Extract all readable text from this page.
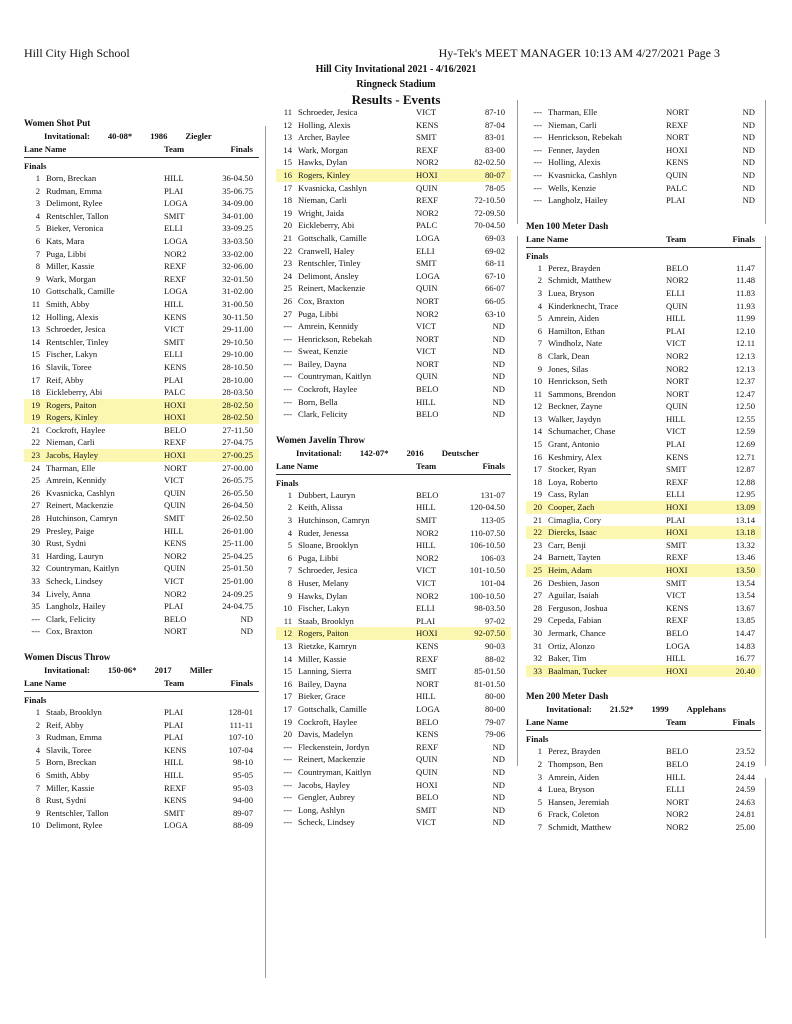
Hill City High School	Hy-Tek's MEET MANAGER 10:13 AM 4/27/2021 Page 3
Hill City Invitational 2021 - 4/16/2021
Ringneck Stadium
Results - Events
Women Shot Put
Invitational: 40-08* 1986 Ziegler
Lane Name	Team	Finals
Finals
1 Born, Breckan	HILL	36-04.50
2 Rudman, Emma	PLAI	35-06.75
3 Delimont, Rylee	LOGA	34-09.00
4 Rentschler, Tallon	SMIT	34-01.00
5 Bieker, Veronica	ELLI	33-09.25
6 Kats, Mara	LOGA	33-03.50
7 Puga, Libbi	NOR2	33-02.00
8 Miller, Kassie	REXF	32-06.00
9 Wark, Morgan	REXF	32-01.50
10 Gottschalk, Camille	LOGA	31-02.00
11 Smith, Abby	HILL	31-00.50
12 Holling, Alexis	KENS	30-11.50
13 Schroeder, Jesica	VICT	29-11.00
14 Rentschler, Tinley	SMIT	29-10.50
15 Fischer, Lakyn	ELLI	29-10.00
16 Slavik, Toree	KENS	28-10.50
17 Reif, Abby	PLAI	28-10.00
18 Eickleberry, Abi	PALC	28-03.50
19 Rogers, Paiton	HOXI	28-02.50
19 Rogers, Kinley	HOXI	28-02.50
21 Cockroft, Haylee	BELO	27-11.50
22 Nieman, Carli	REXF	27-04.75
23 Jacobs, Hayley	HOXI	27-00.25
24 Tharman, Elle	NORT	27-00.00
25 Amrein, Kennidy	VICT	26-05.75
26 Kvasnicka, Cashlyn	QUIN	26-05.50
27 Reinert, Mackenzie	QUIN	26-04.50
28 Hutchinson, Camryn	SMIT	26-02.50
29 Presley, Paige	HILL	26-01.00
30 Rust, Sydni	KENS	25-11.00
31 Harding, Lauryn	NOR2	25-04.25
32 Countryman, Kaitlyn	QUIN	25-01.50
33 Scheck, Lindsey	VICT	25-01.00
34 Lively, Anna	NOR2	24-09.25
35 Langholz, Hailey	PLAI	24-04.75
--- Clark, Felicity	BELO	ND
--- Cox, Braxton	NORT	ND
Women Discus Throw
Invitational: 150-06* 2017 Miller
Lane Name	Team	Finals
Finals
1 Staab, Brooklyn	PLAI	128-01
2 Reif, Abby	PLAI	111-11
3 Rudman, Emma	PLAI	107-10
4 Slavik, Toree	KENS	107-04
5 Born, Breckan	HILL	98-10
6 Smith, Abby	HILL	95-05
7 Miller, Kassie	REXF	95-03
8 Rust, Sydni	KENS	94-00
9 Rentschler, Tallon	SMIT	89-07
10 Delimont, Rylee	LOGA	88-09
11 Schroeder, Jesica	VICT	87-10
12 Holling, Alexis	KENS	87-04
13 Archer, Baylee	SMIT	83-01
14 Wark, Morgan	REXF	83-00
15 Hawks, Dylan	NOR2	82-02.50
16 Rogers, Kinley	HOXI	80-07
17 Kvasnicka, Cashlyn	QUIN	78-05
18 Nieman, Carli	REXF	72-10.50
19 Wright, Jaida	NOR2	72-09.50
20 Eickleberry, Abi	PALC	70-04.50
21 Gottschalk, Camille	LOGA	69-03
22 Cranwell, Haley	ELLI	69-02
23 Rentschler, Tinley	SMIT	68-11
24 Delimont, Ansley	LOGA	67-10
25 Reinert, Mackenzie	QUIN	66-07
26 Cox, Braxton	NORT	66-05
27 Puga, Libbi	NOR2	63-10
--- Amrein, Kennidy	VICT	ND
--- Henrickson, Rebekah	NORT	ND
--- Sweat, Kenzie	VICT	ND
--- Bailey, Dayna	NORT	ND
--- Countryman, Kaitlyn	QUIN	ND
--- Cockroft, Haylee	BELO	ND
--- Born, Bella	HILL	ND
--- Clark, Felicity	BELO	ND
Women Javelin Throw
Invitational: 142-07* 2016 Deutscher
Lane Name	Team	Finals
Finals
1 Dubbert, Lauryn	BELO	131-07
2 Keith, Alissa	HILL	120-04.50
3 Hutchinson, Camryn	SMIT	113-05
4 Ruder, Jenessa	NOR2	110-07.50
5 Sloane, Brooklyn	HILL	106-10.50
6 Puga, Libbi	NOR2	106-03
7 Schroeder, Jesica	VICT	101-10.50
8 Huser, Melany	VICT	101-04
9 Hawks, Dylan	NOR2	100-10.50
10 Fischer, Lakyn	ELLI	98-03.50
11 Staab, Brooklyn	PLAI	97-02
12 Rogers, Paiton	HOXI	92-07.50
13 Rietzke, Kamryn	KENS	90-03
14 Miller, Kassie	REXF	88-02
15 Lanning, Sierra	SMIT	85-01.50
16 Bailey, Dayna	NORT	81-01.50
17 Bieker, Grace	HILL	80-00
17 Gottschalk, Camille	LOGA	80-00
19 Cockroft, Haylee	BELO	79-07
20 Davis, Madelyn	KENS	79-06
--- Fleckenstein, Jordyn	REXF	ND
--- Reinert, Mackenzie	QUIN	ND
--- Countryman, Kaitlyn	QUIN	ND
--- Jacobs, Hayley	HOXI	ND
--- Gengler, Aubrey	BELO	ND
--- Long, Ashlyn	SMIT	ND
--- Scheck, Lindsey	VICT	ND
--- Tharman, Elle	NORT	ND
--- Nieman, Carli	REXF	ND
--- Henrickson, Rebekah	NORT	ND
--- Fenner, Jayden	HOXI	ND
--- Holling, Alexis	KENS	ND
--- Kvasnicka, Cashlyn	QUIN	ND
--- Wells, Kenzie	PALC	ND
--- Langholz, Hailey	PLAI	ND
Men 100 Meter Dash
Lane Name	Team	Finals
Finals
1 Perez, Brayden	BELO	11.47
2 Schmidt, Matthew	NOR2	11.48
3 Luea, Bryson	ELLI	11.83
4 Kinderknecht, Trace	QUIN	11.93
5 Amrein, Aiden	HILL	11.99
6 Hamilton, Ethan	PLAI	12.10
7 Windholz, Nate	VICT	12.11
8 Clark, Dean	NOR2	12.13
9 Jones, Silas	NOR2	12.13
10 Henrickson, Seth	NORT	12.37
11 Sammons, Brendon	NORT	12.47
12 Beckner, Zayne	QUIN	12.50
13 Walker, Jaydyn	HILL	12.55
14 Schumacher, Chase	VICT	12.59
15 Grant, Antonio	PLAI	12.69
16 Keshmiry, Alex	KENS	12.71
17 Stocker, Ryan	SMIT	12.87
18 Loya, Roberto	REXF	12.88
19 Cass, Rylan	ELLI	12.95
20 Cooper, Zach	HOXI	13.09
21 Cimaglia, Cory	PLAI	13.14
22 Diercks, Isaac	HOXI	13.18
23 Carr, Benji	SMIT	13.32
24 Barnett, Tayten	REXF	13.46
25 Heim, Adam	HOXI	13.50
26 Desbien, Jason	SMIT	13.54
27 Aguilar, Isaiah	VICT	13.54
28 Ferguson, Joshua	KENS	13.67
29 Cepeda, Fabian	REXF	13.85
30 Jermark, Chance	BELO	14.47
31 Ortiz, Alonzo	LOGA	14.83
32 Baker, Tim	HILL	16.77
33 Baalman, Tucker	HOXI	20.40
Men 200 Meter Dash
Invitational: 21.52* 1999 Applehans
Lane Name	Team	Finals
Finals
1 Perez, Brayden	BELO	23.52
2 Thompson, Ben	BELO	24.19
3 Amrein, Aiden	HILL	24.44
4 Luea, Bryson	ELLI	24.59
5 Hansen, Jeremiah	NORT	24.63
6 Frack, Coleton	NOR2	24.81
7 Schmidt, Matthew	NOR2	25.00
